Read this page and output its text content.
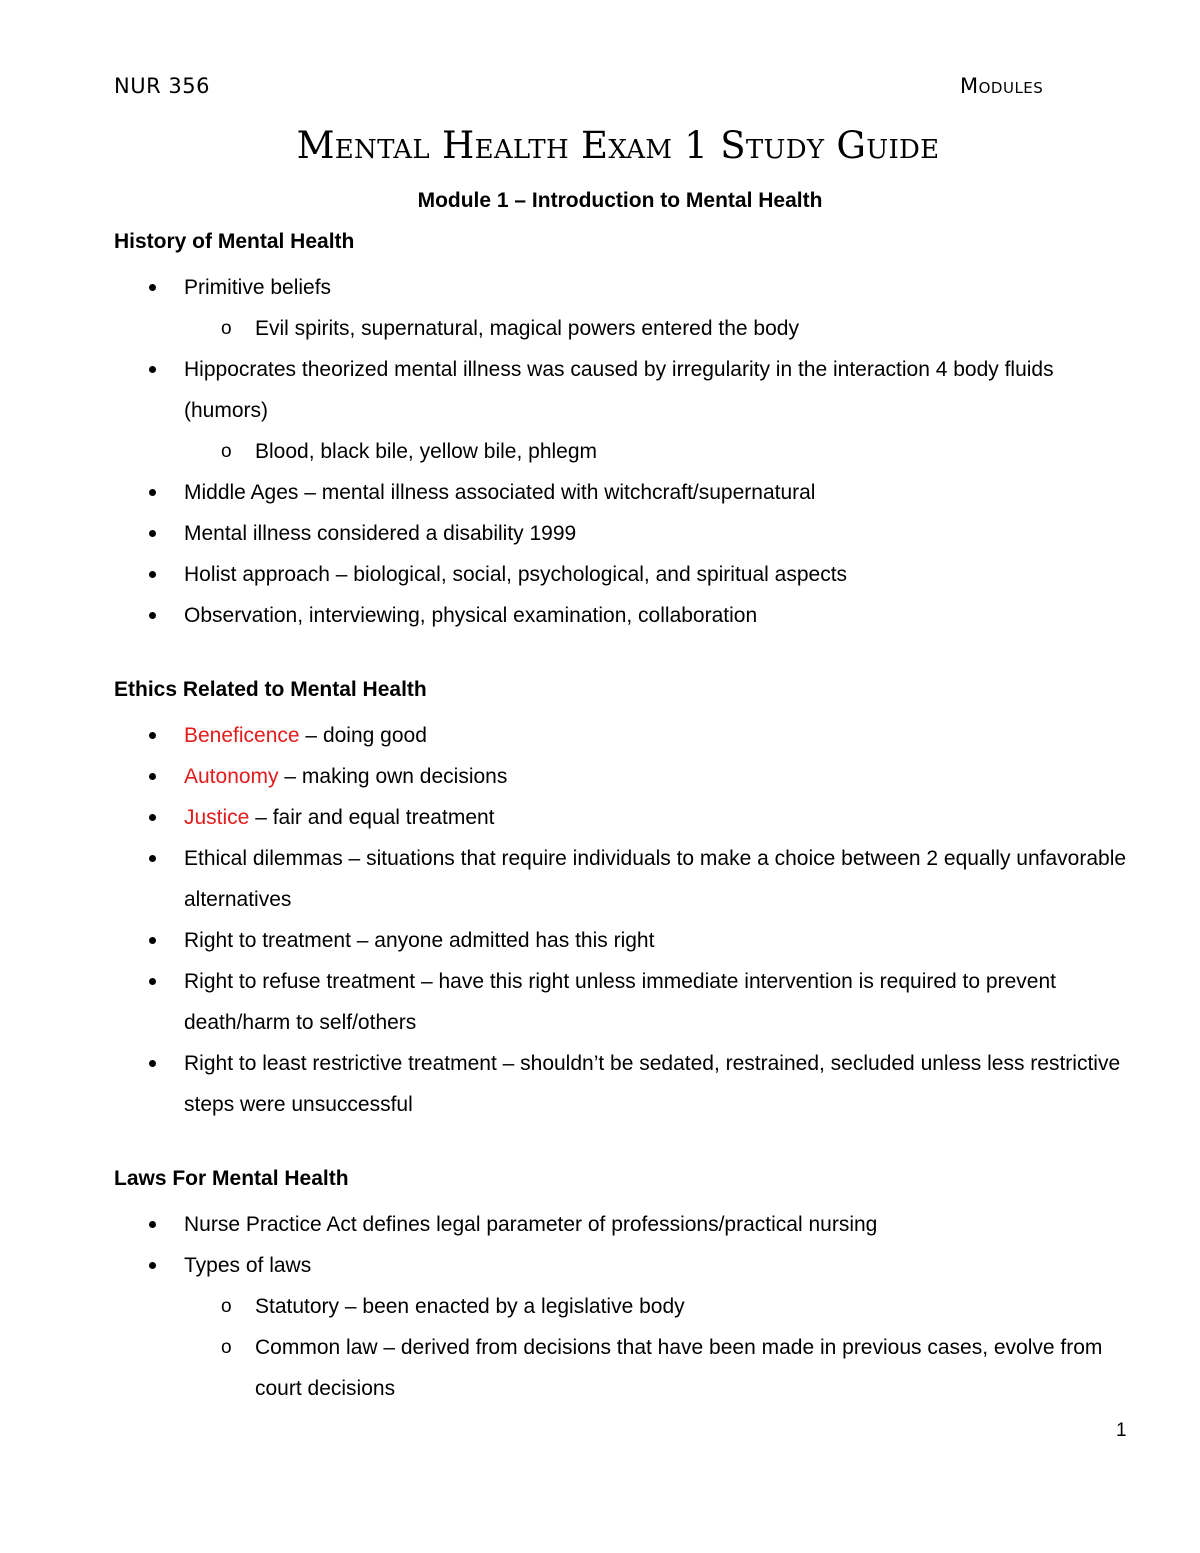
NUR 356	Modules
Mental Health Exam 1 Study Guide
Module 1 – Introduction to Mental Health
History of Mental Health
Primitive beliefs
o Evil spirits, supernatural, magical powers entered the body
Hippocrates theorized mental illness was caused by irregularity in the interaction 4 body fluids (humors)
o Blood, black bile, yellow bile, phlegm
Middle Ages – mental illness associated with witchcraft/supernatural
Mental illness considered a disability 1999
Holist approach – biological, social, psychological, and spiritual aspects
Observation, interviewing, physical examination, collaboration
Ethics Related to Mental Health
Beneficence – doing good
Autonomy – making own decisions
Justice – fair and equal treatment
Ethical dilemmas – situations that require individuals to make a choice between 2 equally unfavorable alternatives
Right to treatment – anyone admitted has this right
Right to refuse treatment – have this right unless immediate intervention is required to prevent death/harm to self/others
Right to least restrictive treatment – shouldn’t be sedated, restrained, secluded unless less restrictive steps were unsuccessful
Laws For Mental Health
Nurse Practice Act defines legal parameter of professions/practical nursing
Types of laws
o Statutory – been enacted by a legislative body
o Common law – derived from decisions that have been made in previous cases, evolve from court decisions
1
